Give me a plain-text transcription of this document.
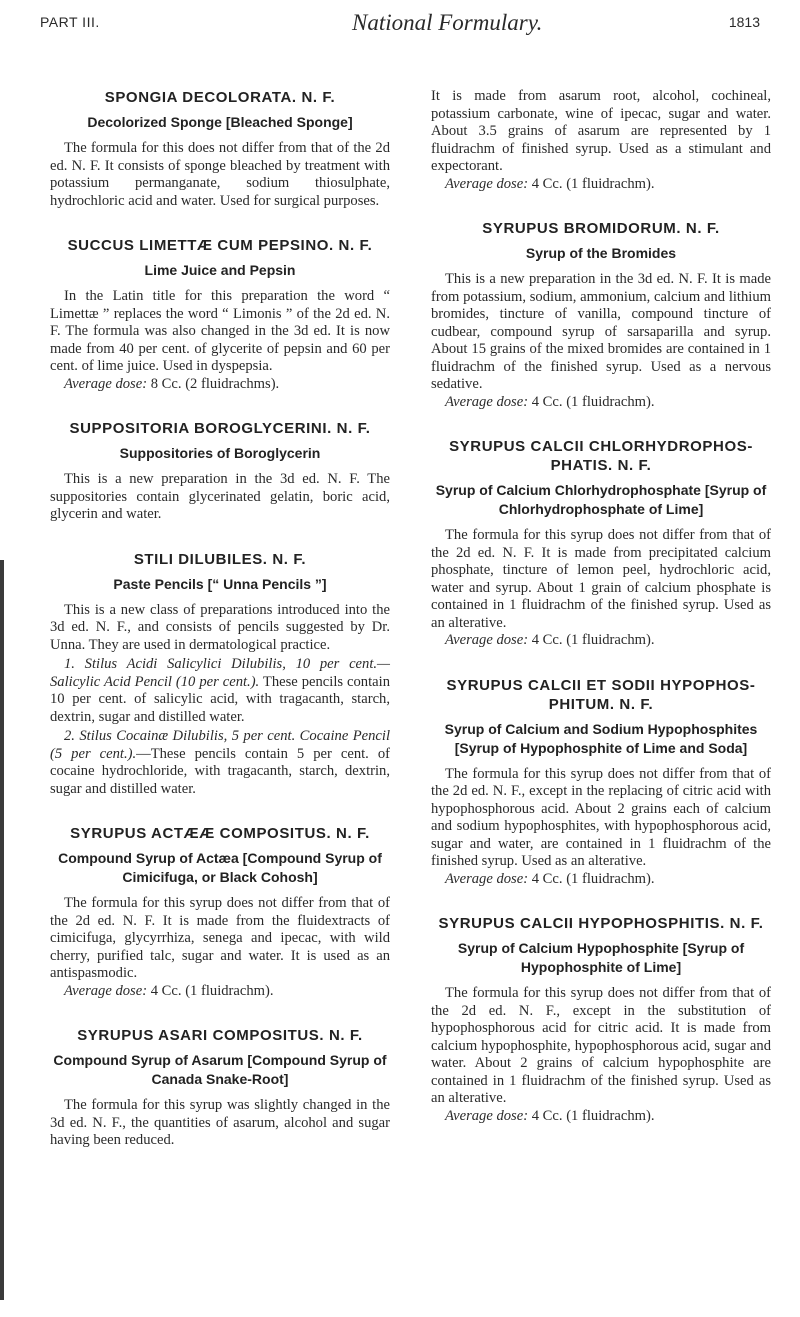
PART III.	National Formulary.	1813
SPONGIA DECOLORATA. N. F.
Decolorized Sponge [Bleached Sponge]

The formula for this does not differ from that of the 2d ed. N. F. It consists of sponge bleached by treatment with potassium permanganate, sodium thiosulphate, hydrochloric acid and water. Used for surgical purposes.

SUCCUS LIMETTÆ CUM PEPSINO. N. F.
Lime Juice and Pepsin

In the Latin title for this preparation the word “ Limettæ ” replaces the word “ Limonis ” of the 2d ed. N. F. The formula was also changed in the 3d ed. It is now made from 40 per cent. of glycerite of pepsin and 60 per cent. of lime juice. Used in dyspepsia.

Average dose: 8 Cc. (2 fluidrachms).

SUPPOSITORIA BOROGLYCERINI. N. F.
Suppositories of Boroglycerin

This is a new preparation in the 3d ed. N. F. The suppositories contain glycerinated gelatin, boric acid, glycerin and water.

STILI DILUBILES. N. F.
Paste Pencils [“ Unna Pencils ”]

This is a new class of preparations introduced into the 3d ed. N. F., and consists of pencils suggested by Dr. Unna. They are used in dermatological practice.

1. Stilus Acidi Salicylici Dilubilis, 10 per cent.—Salicylic Acid Pencil (10 per cent.). These pencils contain 10 per cent. of salicylic acid, with tragacanth, starch, dextrin, sugar and distilled water.

2. Stilus Cocainæ Dilubilis, 5 per cent. Cocaine Pencil (5 per cent.).—These pencils contain 5 per cent. of cocaine hydrochloride, with tragacanth, starch, dextrin, sugar and distilled water.

SYRUPUS ACTÆÆ COMPOSITUS. N. F.
Compound Syrup of Actæa [Compound Syrup of Cimicifuga, or Black Cohosh]

The formula for this syrup does not differ from that of the 2d ed. N. F. It is made from the fluidextracts of cimicifuga, glycyrrhiza, senega and ipecac, with wild cherry, purified talc, sugar and water. It is used as an antispasmodic.

Average dose: 4 Cc. (1 fluidrachm).

SYRUPUS ASARI COMPOSITUS. N. F.
Compound Syrup of Asarum [Compound Syrup of Canada Snake-Root]

The formula for this syrup was slightly changed in the 3d ed. N. F., the quantities of asarum, alcohol and sugar having been reduced.

It is made from asarum root, alcohol, cochineal, potassium carbonate, wine of ipecac, sugar and water. About 3.5 grains of asarum are represented by 1 fluidrachm of finished syrup. Used as a stimulant and expectorant.

Average dose: 4 Cc. (1 fluidrachm).

SYRUPUS BROMIDORUM. N. F.
Syrup of the Bromides

This is a new preparation in the 3d ed. N. F. It is made from potassium, sodium, ammonium, calcium and lithium bromides, tincture of vanilla, compound tincture of cudbear, compound syrup of sarsaparilla and syrup. About 15 grains of the mixed bromides are contained in 1 fluidrachm of the finished syrup. Used as a nervous sedative.

Average dose: 4 Cc. (1 fluidrachm).

SYRUPUS CALCII CHLORHYDROPHOS-PHATIS. N. F.
Syrup of Calcium Chlorhydrophosphate [Syrup of Chlorhydrophosphate of Lime]

The formula for this syrup does not differ from that of the 2d ed. N. F. It is made from precipitated calcium phosphate, tincture of lemon peel, hydrochloric acid, water and syrup. About 1 grain of calcium phosphate is contained in 1 fluidrachm of the finished syrup. Used as an alterative.

Average dose: 4 Cc. (1 fluidrachm).

SYRUPUS CALCII ET SODII HYPOPHOS-PHITUM. N. F.
Syrup of Calcium and Sodium Hypophosphites [Syrup of Hypophosphite of Lime and Soda]

The formula for this syrup does not differ from that of the 2d ed. N. F., except in the replacing of citric acid with hypophosphorous acid. About 2 grains each of calcium and sodium hypophosphites, with hypophosphorous acid, sugar and water, are contained in 1 fluidrachm of the finished syrup. Used as an alterative.

Average dose: 4 Cc. (1 fluidrachm).

SYRUPUS CALCII HYPOPHOSPHITIS. N. F.
Syrup of Calcium Hypophosphite [Syrup of Hypophosphite of Lime]

The formula for this syrup does not differ from that of the 2d ed. N. F., except in the substitution of hypophosphorous acid for citric acid. It is made from calcium hypophosphite, hypophosphorous acid, sugar and water. About 2 grains of calcium hypophosphite are contained in 1 fluidrachm of the finished syrup. Used as an alterative.

Average dose: 4 Cc. (1 fluidrachm).
